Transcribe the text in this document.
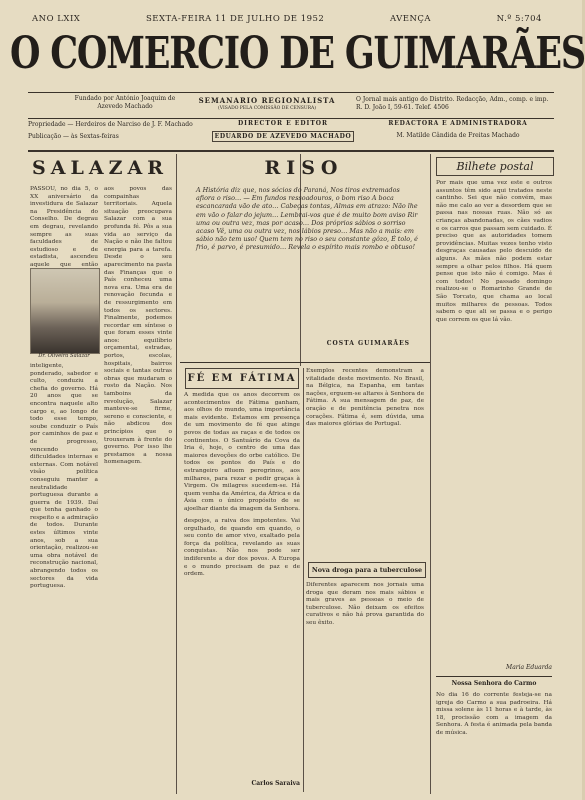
ANO LXIX	SEXTA-FEIRA 11 DE JULHO DE 1952	AVENÇA	N.º 5:704
O COMERCIO DE GUIMARÃES
Fundado por António Joaquim de Azevedo Machado
SEMANARIO REGIONALISTA
(VISADO PELA COMISSÃO DE CENSURA)
O Jornal mais antigo do Distrito. Redacção, Adm., comp. e imp. R. D. João I, 59-61. Telef. 4506
Propriedade — Herdeiros de Narciso de J. F. Machado
Publicação — às Sextas-feiras
DIRECTOR E EDITOR
EDUARDO DE AZEVEDO MACHADO
REDACTORA E ADMINISTRADORA
M. Matilde Cândida de Freitas Machado
SALAZAR
PASSOU, no dia 5, o XX aniversário da investidura de Salazar na Presidência do Conselho. De degrau em degrau, revelando sempre as suas faculdades de estudioso e de estadista, ascendeu aquele que então
Dr. Oliveira Salazar
inteligente, ponderado, sabedor e culto, conduziu a chefia do governo. Há 20 anos que se encontra naquele alto cargo e, ao longo de todo esse tempo, soube conduzir o País por caminhos de paz e de progresso, vencendo as dificuldades internas e externas. Com notável visão política conseguiu manter a neutralidade portuguesa durante a guerra de 1939. Daí que tenha ganhado o respeito e a admiração de todos. Durante estes últimos vinte anos, sob a sua orientação, realizou-se uma obra notável de reconstrução nacional, abrangendo todos os sectores da vida portuguesa.
aos povos das compainhas territoriais. Aquela situação preocupava Salazar com a sua profunda fé. Pôs a sua vida ao serviço da Nação e não lhe faltou energia para a tarefa. Desde o seu aparecimento na pasta das Finanças que o País conheceu uma nova era. Uma era de renovação fecunda e de ressurgimento em todos os sectores. Finalmente, podemos recordar em síntese o que foram esses vinte anos: equilíbrio orçamental, estradas, portos, escolas, hospitais, bairros sociais e tantas outras obras que mudaram o rosto da Nação. Nos tamboins da revolução, Salazar manteve-se firme, sereno e consciente, e não abdicou dos princípios que o trouxeram à frente do governo. Por isso lhe prestamos a nossa homenagem.
RISO
A História diz que, nos sócios do Paraná, Nos tiros extremados afiora o riso… — Em fundos ressoadouros, o bom riso A boca escancarada vão de ato… Cabeças tontas, Almas em atrazo: Não lhe em vão o falar do jejum… Lembrai-vos que é de muito bom aviso Rir uma ou outra vez, mas por acaso… Dos próprios sábios o sorriso acaso Vê, uma ou outra vez, nos lábios preso… Mas não a mais: em sábio não tem uso! Quem tem no riso o seu constante gôzo, É tolo, é frio, é parvo, é presumido… Revela o espírito mais rombo e obtuso!
COSTA GUIMARÃES
FÉ EM FÁTIMA
A medida que os anos decorrem os acontecimentos de Fátima ganham, aos olhos do mundo, uma importância mais evidente. Estamos em presença de um movimento de fé que atinge povos de todas as raças e de todos os continentes. O Santuário da Cova da Iria é, hoje, o centro de uma das maiores devoções do orbe católico. De todos os pontos do País e do estrangeiro afluem peregrinos, aos milhares, para rezar e pedir graças à Virgem. Os milagres sucedem-se. Há quem venha da América, da África e da Ásia com o único propósito de se ajoelhar diante da imagem da Senhora.
despojos, a raiva dos impotentes. Vai orgulhado, de quando em quando, o seu conto de amor vivo, exaltado pela força da política, revelando as suas conquistas. Não nos pode ser indiferente a dor dos povos. A Europa e o mundo precisam de paz e de ordem.
Carlos Saraiva
Exemplos recentes demonstram a vitalidade deste movimento. No Brasil, na Bélgica, na Espanha, em tantas nações, erguem-se altares à Senhora de Fátima. A sua mensagem de paz, de oração e de penitência penetra nos corações. Fátima é, sem dúvida, uma das maiores glórias de Portugal.
Nova droga para a tuberculose
Diferentes aparecem nos jornais uma droga que deram nos mais sábios e mais graves as pessoas o meio de tuberculose. Não deixam os efeitos curativos e não há prova garantida do seu êxito.
Bilhete postal
Por mais que uma vez este e outros assuntos têm sido aqui tratados neste cantinho. Sei que não convém, mas não me calo ao ver a desordem que se passa nas nossas ruas. Não só as crianças abandonadas, os cães vadios e os carros que passam sem cuidado. É preciso que as autoridades tomem providências. Muitas vezes tenho visto desgraças causadas pelo descuido de alguns. As mães não podem estar sempre a olhar pelos filhos. Há quem pense que isto não é comigo. Mas é com todos! No passado domingo realizou-se o Romarinho Grande de São Torcato, que chama ao local muitos milhares de pessoas. Todos sabem o que ali se passa e o perigo que correm os que lá vão.
Maria Eduarda
Nossa Senhora do Carmo
No dia 16 do corrente festeja-se na igreja do Carmo a sua padroeira. Há missa solene às 11 horas e à tarde, às 18, procissão com a imagem da Senhora. A festa é animada pela banda de música.
